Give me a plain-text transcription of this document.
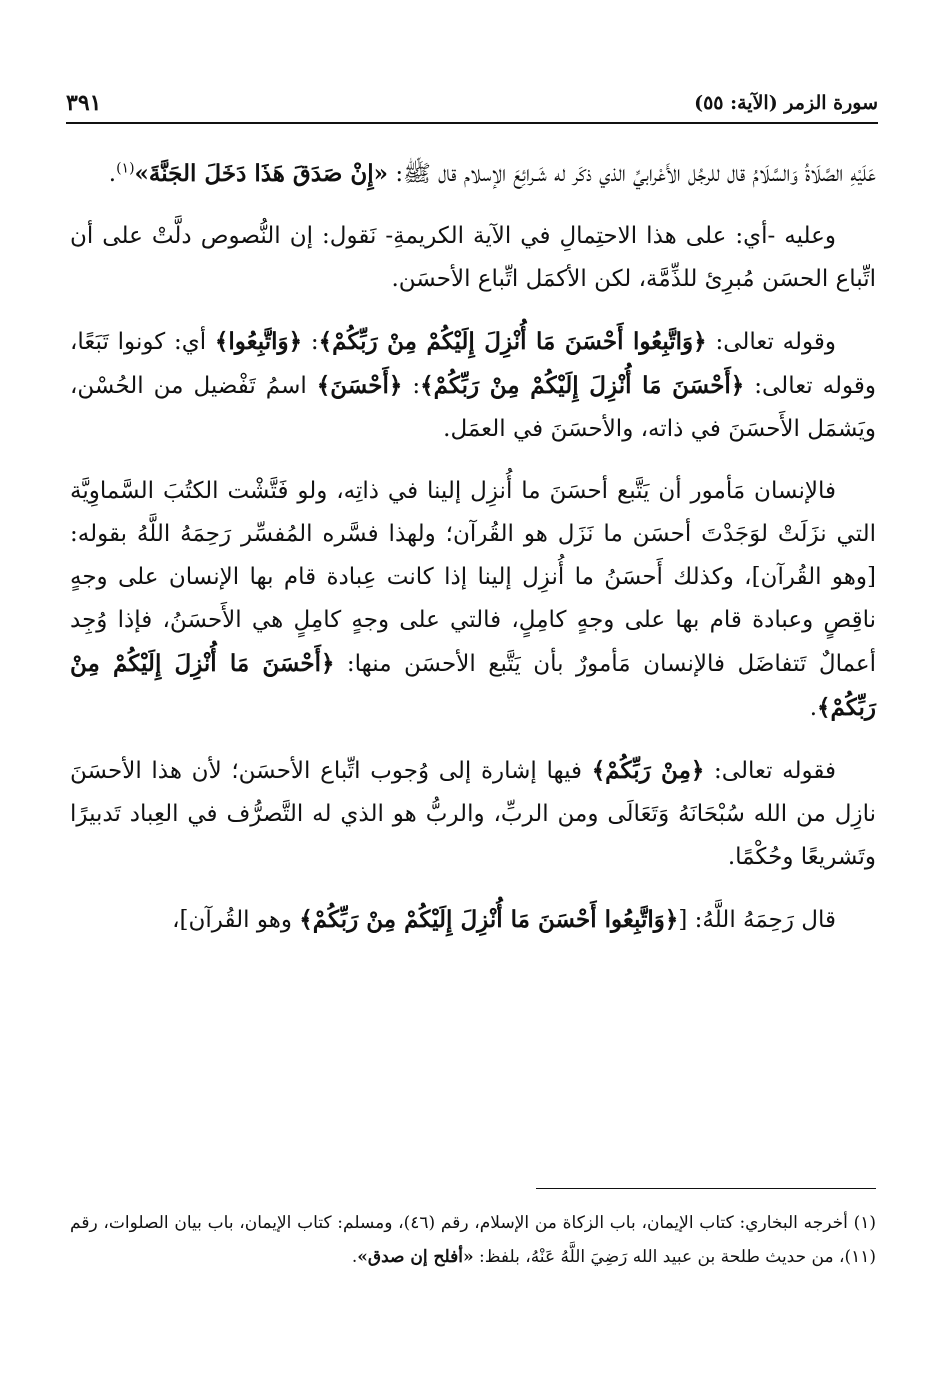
سورة الزمر (الآية: ٥٥)
٣٩١

عَلَيْهِ الصَّلَاةُ وَالسَّلَامُ قال للرجُل الأَعْرابيِّ الذي ذكَر له شَـرائِعَ الإسلام قال ﷺ: «إِنْ صَدَقَ هَذَا دَخَلَ الجَنَّةَ»$^{(١)}$.

وعليه -أي: على هذا الاحتِمالِ في الآية الكريمةِ- نَقول: إن النُّصوص دلَّتْ على أن اتِّباع الحسَن مُبرِئ للذِّمَّة، لكن الأكمَل اتِّباع الأحسَن.

وقوله تعالى: ﴿وَاتَّبِعُوا أَحْسَنَ مَا أُنْزِلَ إِلَيْكُمْ مِنْ رَبِّكُمْ﴾: ﴿وَاتَّبِعُوا﴾ أي: كونوا تَبَعًا، وقوله تعالى: ﴿أَحْسَنَ مَا أُنْزِلَ إِلَيْكُمْ مِنْ رَبِّكُمْ﴾: ﴿أَحْسَنَ﴾ اسمُ تَفْضيل من الحُسْن، ويَشمَل الأَحسَنَ في ذاته، والأحسَنَ في العمَل.

فالإنسان مَأمور أن يَتَّبع أحسَنَ ما أُنزِل إلينا في ذاتِه، ولو فَتَّشْت الكتُبَ السَّماوِيَّة التي نزَلَتْ لوَجَدْتَ أحسَن ما نَزَل هو القُرآن؛ ولهذا فسَّره المُفسِّر رَحِمَهُ اللَّهُ بقوله: [وهو القُرآن]، وكذلك أَحسَنُ ما أُنزِل إلينا إذا كانت عِبادة قام بها الإنسان على وجهٍ ناقِصٍ وعبادة قام بها على وجهٍ كامِلٍ، فالتي على وجهٍ كامِلٍ هي الأَحسَنُ، فإذا وُجِد أعمالٌ تَتفاضَل فالإنسان مَأمورٌ بأن يَتَّبع الأحسَن منها: ﴿أَحْسَنَ مَا أُنْزِلَ إِلَيْكُمْ مِنْ رَبِّكُمْ﴾.

فقوله تعالى: ﴿مِنْ رَبِّكُمْ﴾ فيها إشارة إلى وُجوب اتِّباع الأحسَن؛ لأن هذا الأحسَنَ نازِل من الله سُبْحَانَهُ وَتَعَالَى ومن الربِّ، والربُّ هو الذي له التَّصرُّف في العِباد تَدبيرًا وتَشريعًا وحُكْمًا.

قال رَحِمَهُ اللَّهُ: [﴿وَاتَّبِعُوا أَحْسَنَ مَا أُنْزِلَ إِلَيْكُمْ مِنْ رَبِّكُمْ﴾ وهو القُرآن]،

(١) أخرجه البخاري: كتاب الإيمان، باب الزكاة من الإسلام، رقم (٤٦)، ومسلم: كتاب الإيمان، باب بيان الصلوات، رقم (١١)، من حديث طلحة بن عبيد الله رَضِيَ اللَّهُ عَنْهُ، بلفظ: «أفلح إن صدق».
